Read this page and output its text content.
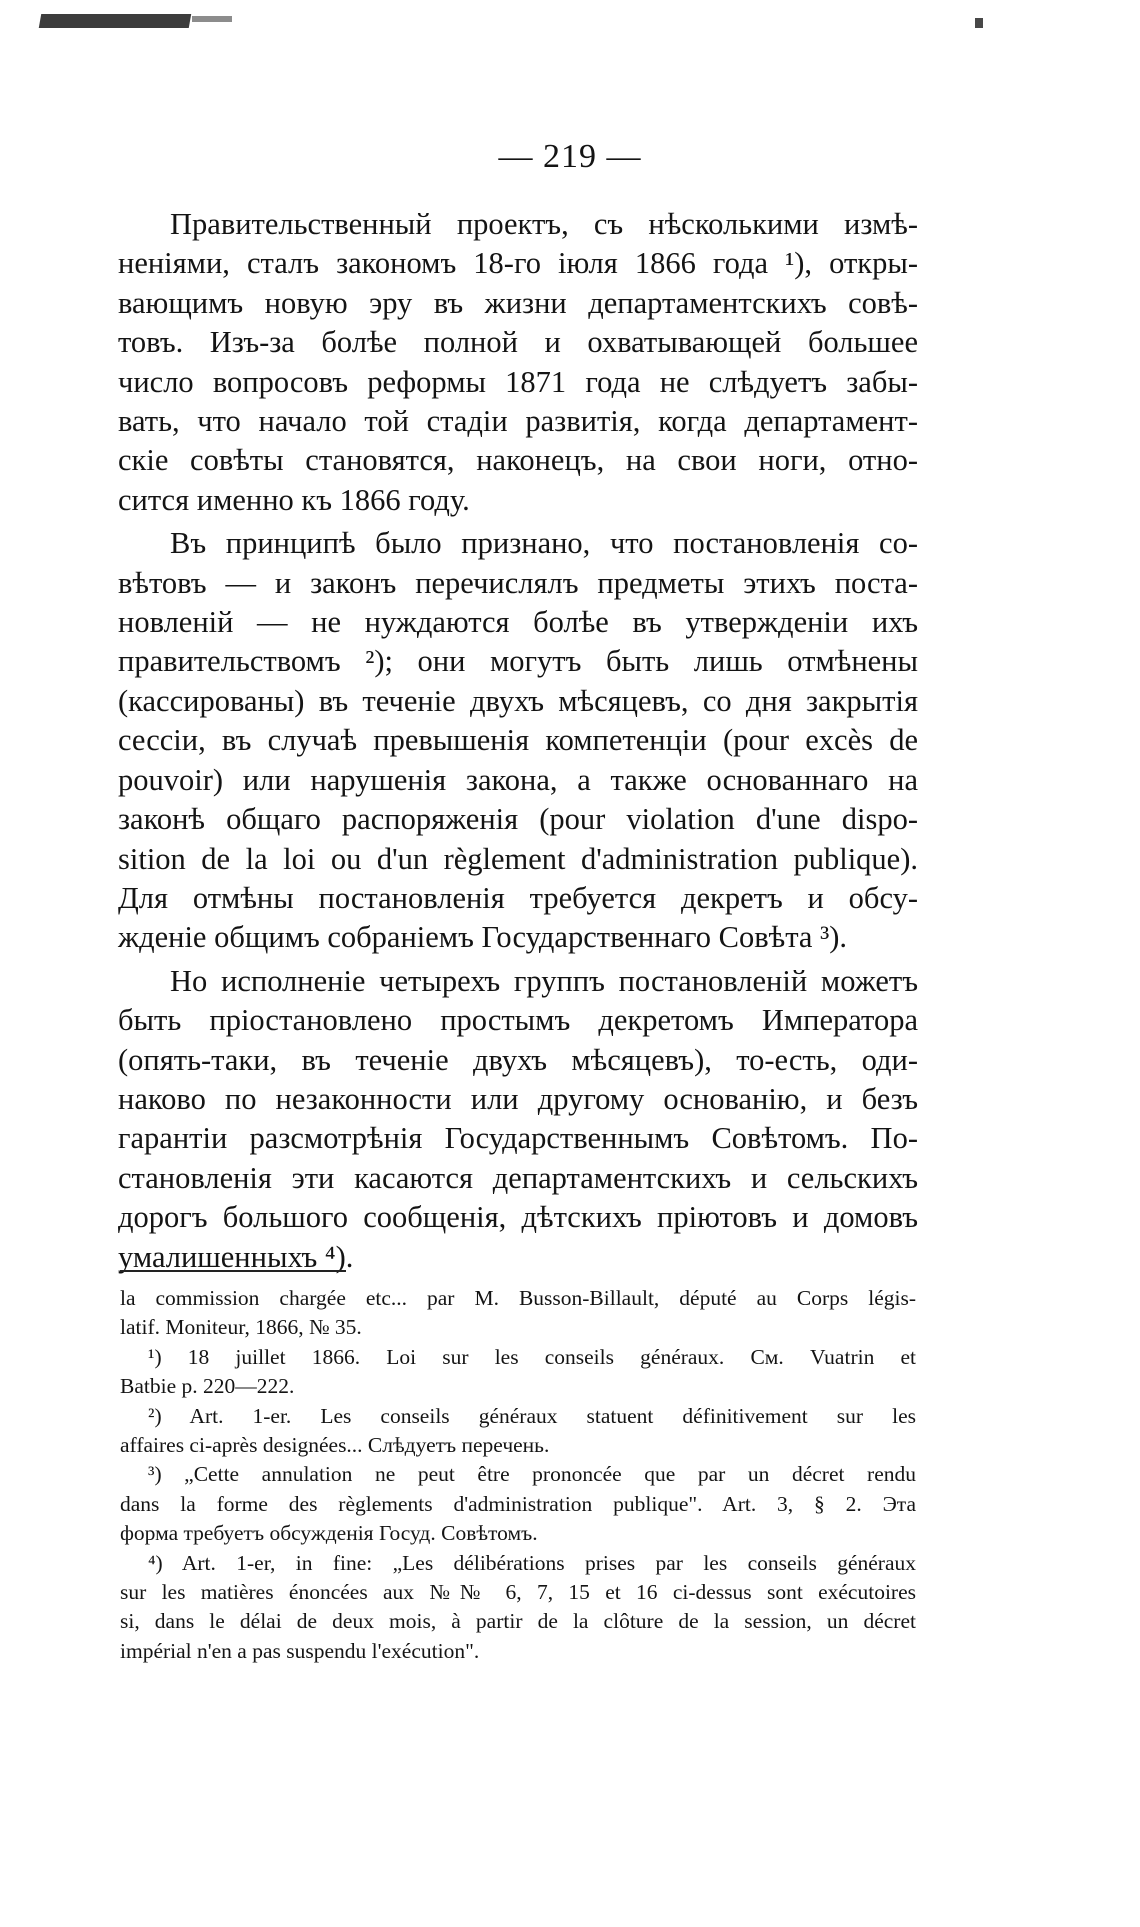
— 219 —
Правительственный проектъ, съ нѣсколькими измѣ-
неніями, сталъ закономъ 18-го іюля 1866 года ¹), откры-
вающимъ новую эру въ жизни департаментскихъ совѣ-
товъ. Изъ-за болѣе полной и охватывающей большее
число вопросовъ реформы 1871 года не слѣдуетъ забы-
вать, что начало той стадіи развитія, когда департамент-
скіе совѣты становятся, наконецъ, на свои ноги, отно-
сится именно къ 1866 году.
Въ принципѣ было признано, что постановленія со-
вѣтовъ — и законъ перечислялъ предметы этихъ поста-
новленій — не нуждаются болѣе въ утвержденіи ихъ
правительствомъ ²); они могутъ быть лишь отмѣнены
(кассированы) въ теченіе двухъ мѣсяцевъ, со дня закрытія
сессіи, въ случаѣ превышенія компетенціи (pour excès de
pouvoir) или нарушенія закона, а также основаннаго на
законѣ общаго распоряженія (pour violation d'une dispo-
sition de la loi ou d'un règlement d'administration publique).
Для отмѣны постановленія требуется декретъ и обсу-
жденіе общимъ собраніемъ Государственнаго Совѣта ³).
Но исполненіе четырехъ группъ постановленій можетъ
быть пріостановлено простымъ декретомъ Императора
(опять-таки, въ теченіе двухъ мѣсяцевъ), то-есть, оди-
наково по незаконности или другому основанію, и безъ
гарантіи разсмотрѣнія Государственнымъ Совѣтомъ. По-
становленія эти касаются департаментскихъ и сельскихъ
дорогъ большого сообщенія, дѣтскихъ пріютовъ и домовъ
умалишенныхъ ⁴).
la commission chargée etc... par M. Busson-Billault, député au Corps légis-
latif. Moniteur, 1866, № 35.
¹) 18 juillet 1866. Loi sur les conseils généraux. См. Vuatrin et
Batbie p. 220—222.
²) Art. 1-er. Les conseils généraux statuent définitivement sur les
affaires ci-après designées... Слѣдуетъ перечень.
³) „Cette annulation ne peut être prononcée que par un décret rendu
dans la forme des règlements d'administration publique". Art. 3, § 2. Эта
форма требуетъ обсужденія Госуд. Совѣтомъ.
⁴) Art. 1-er, in fine: „Les délibérations prises par les conseils généraux
sur les matières énoncées aux №№ 6, 7, 15 et 16 ci-dessus sont exécutoires
si, dans le délai de deux mois, à partir de la clôture de la session, un décret
impérial n'en a pas suspendu l'exécution".
